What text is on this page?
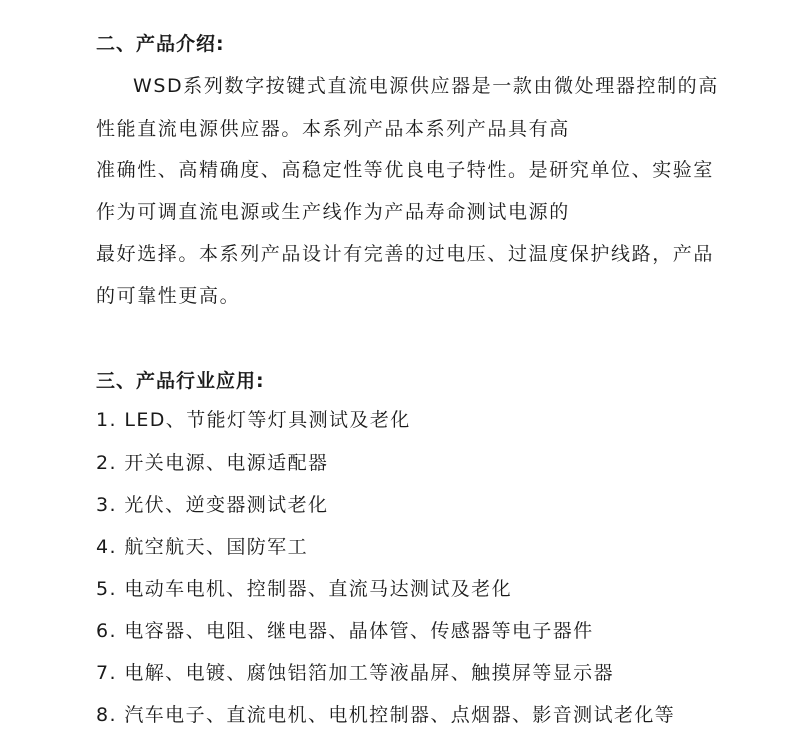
二、产品介绍:
WSD系列数字按键式直流电源供应器是一款由微处理器控制的高
性能直流电源供应器。本系列产品本系列产品具有高
准确性、高精确度、高稳定性等优良电子特性。是研究单位、实验室
作为可调直流电源或生产线作为产品寿命测试电源的
最好选择。本系列产品设计有完善的过电压、过温度保护线路，产品
的可靠性更高。
三、产品行业应用:
1. LED、节能灯等灯具测试及老化
2. 开关电源、电源适配器
3. 光伏、逆变器测试老化
4. 航空航天、国防军工
5. 电动车电机、控制器、直流马达测试及老化
6. 电容器、电阻、继电器、晶体管、传感器等电子器件
7. 电解、电镀、腐蚀铝箔加工等液晶屏、触摸屏等显示器
8. 汽车电子、直流电机、电机控制器、点烟器、影音测试老化等
